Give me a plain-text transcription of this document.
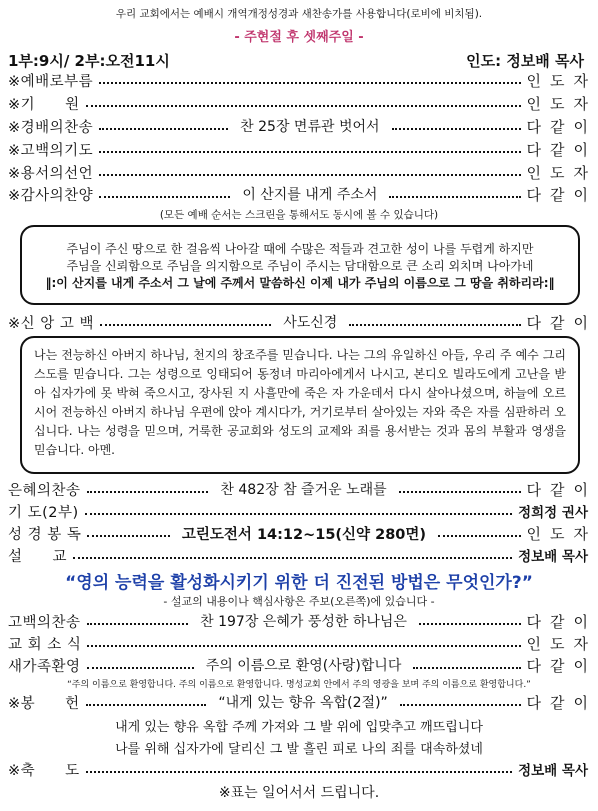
우리 교회에서는 예배시 개역개정성경과 새찬송가를 사용합니다(로비에 비치됨).
- 주현절 후 셋째주일 -
1부:9시/ 2부:오전11시	인도: 정보배 목사
※예배로부름	인도자
※기　　원	인도자
※경배의찬송	찬 25장 면류관 벗어서	다같이
※고백의기도	다같이
※용서의선언	인도자
※감사의찬양	이 산지를 내게 주소서	다같이
(모든 예배 순서는 스크린을 통해서도 동시에 볼 수 있습니다)
주님이 주신 땅으로 한 걸음씩 나아갈 때에 수많은 적들과 견고한 성이 나를 두렵게 하지만
주님을 신뢰함으로 주님을 의지함으로 주님이 주시는 담대함으로 큰 소리 외치며 나아가네
‖:이 산지를 내게 주소서 그 날에 주께서 말씀하신 이제 내가 주님의 이름으로 그 땅을 취하리라:‖
※신 앙 고 백	사도신경	다같이
나는 전능하신 아버지 하나님, 천지의 창조주를 믿습니다. 나는 그의 유일하신 아들, 우리 주 예수 그리스도를 믿습니다. 그는 성령으로 잉태되어 동정녀 마리아에게서 나시고, 본디오 빌라도에게 고난을 받아 십자가에 못 박혀 죽으시고, 장사된 지 사흘만에 죽은 자 가운데서 다시 살아나셨으며, 하늘에 오르시어 전능하신 아버지 하나님 우편에 앉아 계시다가, 거기로부터 살아있는 자와 죽은 자를 심판하러 오십니다. 나는 성령을 믿으며, 거룩한 공교회와 성도의 교제와 죄를 용서받는 것과 몸의 부활과 영생을 믿습니다. 아멘.
은혜의찬송	찬 482장 참 즐거운 노래를	다같이
기 도(2부)	정희정 권사
성 경 봉 독	고린도전서 14:12~15(신약 280면)	인도자
설　　교	정보배 목사
“영의 능력을 활성화시키기 위한 더 진전된 방법은 무엇인가?”
- 설교의 내용이나 핵심사항은 주보(오른쪽)에 있습니다 -
고백의찬송	찬 197장 은혜가 풍성한 하나님은	다같이
교 회 소 식	인도자
새가족환영	주의 이름으로 환영(사랑)합니다	다같이
“주의 이름으로 환영합니다. 주의 이름으로 환영합니다. 명성교회 안에서 주의 영광을 보며 주의 이름으로 환영합니다.”
※봉　　헌	“내게 있는 향유 옥합(2절)”	다같이
내게 있는 향유 옥합 주께 가져와 그 발 위에 입맞추고 깨뜨립니다
나를 위해 십자가에 달리신 그 발 흘린 피로 나의 죄를 대속하셨네
※축　　도	정보배 목사
※표는 일어서서 드립니다.
